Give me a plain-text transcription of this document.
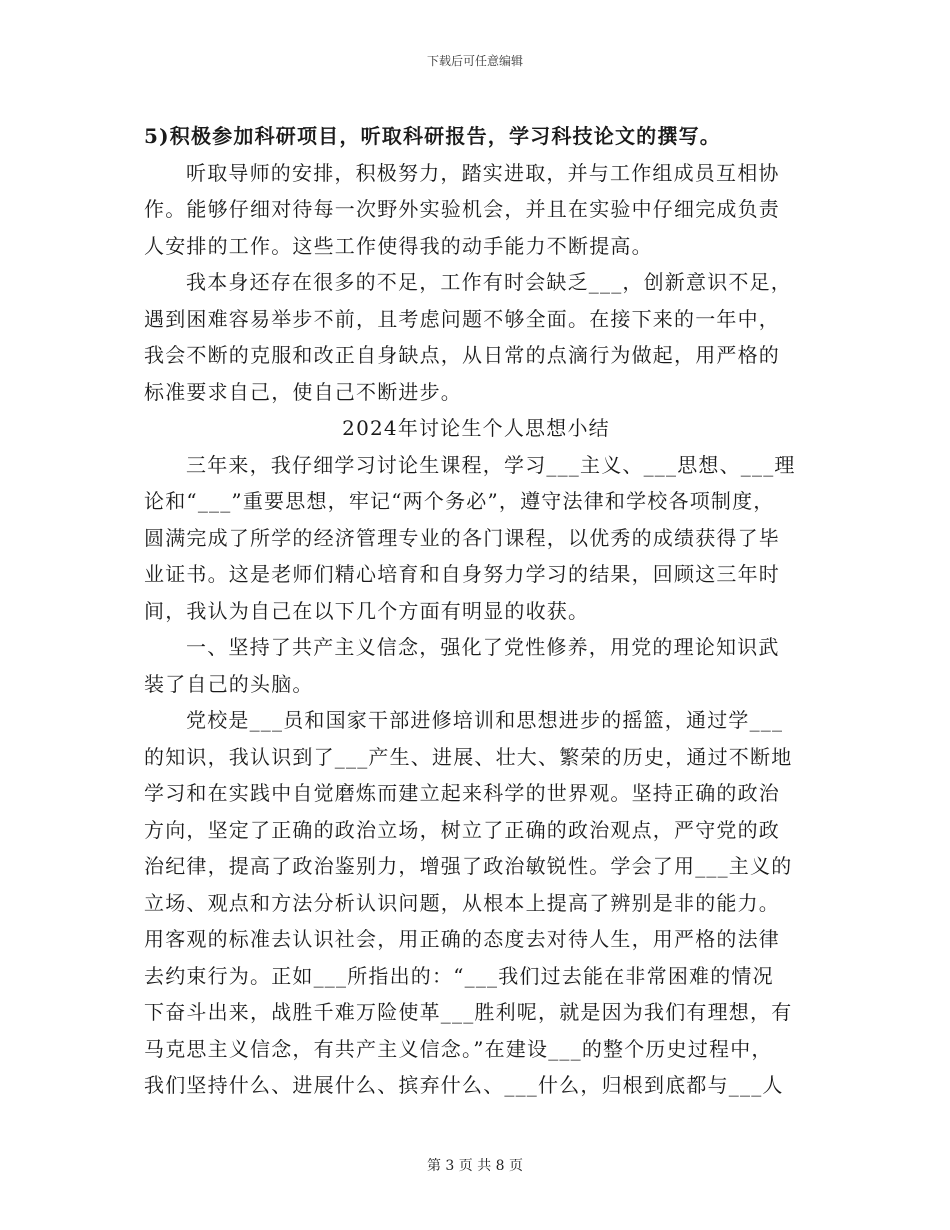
下载后可任意编辑
5)积极参加科研项目，听取科研报告，学习科技论文的撰写。
听取导师的安排，积极努力，踏实进取，并与工作组成员互相协
作。能够仔细对待每一次野外实验机会，并且在实验中仔细完成负责
人安排的工作。这些工作使得我的动手能力不断提高。
我本身还存在很多的不足，工作有时会缺乏___，创新意识不足，
遇到困难容易举步不前，且考虑问题不够全面。在接下来的一年中，
我会不断的克服和改正自身缺点，从日常的点滴行为做起，用严格的
标准要求自己，使自己不断进步。
2024年讨论生个人思想小结
三年来，我仔细学习讨论生课程，学习___主义、___思想、___理
论和“___”重要思想，牢记“两个务必”，遵守法律和学校各项制度，
圆满完成了所学的经济管理专业的各门课程，以优秀的成绩获得了毕
业证书。这是老师们精心培育和自身努力学习的结果，回顾这三年时
间，我认为自己在以下几个方面有明显的收获。
一、坚持了共产主义信念，强化了党性修养，用党的理论知识武
装了自己的头脑。
党校是___员和国家干部进修培训和思想进步的摇篮，通过学___
的知识，我认识到了___产生、进展、壮大、繁荣的历史，通过不断地
学习和在实践中自觉磨炼而建立起来科学的世界观。坚持正确的政治
方向，坚定了正确的政治立场，树立了正确的政治观点，严守党的政
治纪律，提高了政治鉴别力，增强了政治敏锐性。学会了用___主义的
立场、观点和方法分析认识问题，从根本上提高了辨别是非的能力。
用客观的标准去认识社会，用正确的态度去对待人生，用严格的法律
去约束行为。正如___所指出的：“___我们过去能在非常困难的情况
下奋斗出来，战胜千难万险使革___胜利呢，就是因为我们有理想，有
马克思主义信念，有共产主义信念。”在建设___的整个历史过程中，
我们坚持什么、进展什么、摈弃什么、___什么，归根到底都与___人
第 3 页 共 8 页
